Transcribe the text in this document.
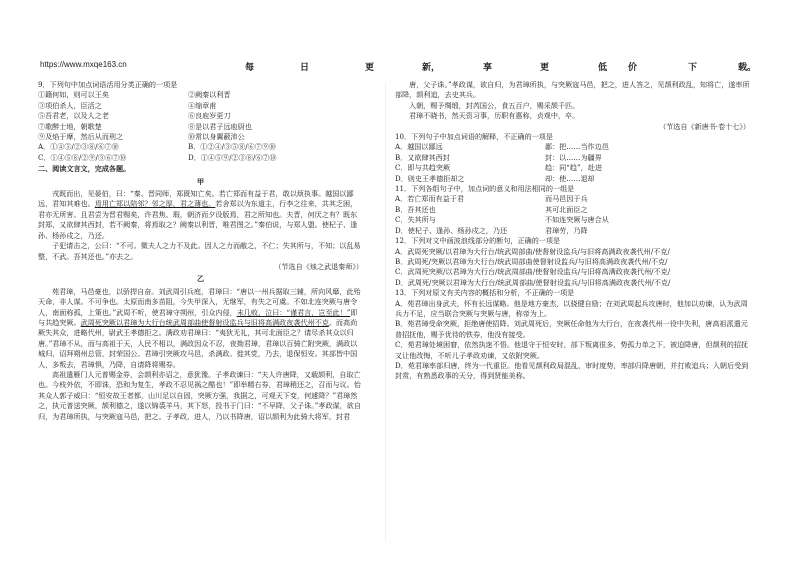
https://www.mxqe163.cn	每	日	更	新，	享	更	低 价	下	载。

9．下列句中加点词语活用分类正确的一项是

①籍何如，则可以王矣	②阙秦以利晋
③项伯杀人，臣活之	④缩章甫
⑤吾君老，以及人之老	⑥良庖岁更刀
⑦歌醉士地，朝歌楚	⑧是以君子远庖厨也
⑨及焰于摩，然后从而刑之	⑩常以身翼蔽沛公
A．①④⑤/②③⑧/⑥⑦⑩	B．①②④/③⑤⑧/⑥⑦⑨⑩
C．①④⑤⑧/②⑨/③⑥⑦⑩	D．①④⑤⑨/②③⑧/⑥⑦⑩

二、阅读文言文，完成各题。

甲

戎既而出，见晏伯，曰：“秦、晋同师，郑既知亡矣。若亡郑而有益于君，敢以烦执事。越国以鄙远，君知其难也。焉用亡郑以陪邻？邻之厚，君之薄也。若舍郑以为东道主，行李之往来，共其乏困，君亦无所害。且君尝为晋君赐矣，许君焦、瑕，朝济而夕设版焉，君之所知也。夫晋，何厌之有？既东封郑，又欲肆其西封，若不阙秦，将焉取之？阙秦以利晋，唯君图之。”秦伯说，与郑人盟。使杞子、逢孙、杨孙戍之，乃还。

子犯请击之，公曰：“不可。微夫人之力不及此。因人之力而敝之，不仁；失其所与，不知；以乱易整，不武。吾其还也。”亦去之。

（节选自《烛之武退秦师》）

乙

苑君璋，马邑豪也，以骄捍自奋。刘武周引兵庭，君璋曰：“唐以一州兵据取三辅，所向风靡，此殆天命，非人谋。不可争也。太原而南多苗阻，今失甲深入，无继军，有失之可虞。不如北连突厥与唐令人，南面称孤，上策也。”武周不听，使君璋守朔州，引众内侵，未几败，泣曰：“谨君言，岂至此！”即与共趋突厥。武周死突厥以君璋为大行台统武周部曲使督射设监兵与旧将高满政夜袭代州不克。而高尚厥失其众，进略代州，尉武王孝德拒之。满政劝君璋曰：“夷狄无礼，其可北面臣之？请尽杀其众以归唐。”君璋不从，而与高祖于天，人民不相以，满政因众不忍，夜拗君璋，君璋以百骑亡附突厥，满政以城归，诏拜朔州总管，封荣国公。君璋引突厥攻马邑，杀满政。徙其党，乃去，退保恒安。其部皆中国人，多叛去，君璋惧，乃降，自请降将赐券。

高祖遣雁门人元普赐金券，会颉利亦诏之，意犹豫。子孝政谏曰：“夫人许唐降，又载颉利，自取亡也。今枝外依，不即诛，恐和为复生，孝政不忍见祸之酷也！”即举精右券，君璋稍还之，召而与议。怡其众人郭子威曰：“恒安故王者都，山川足以自固，突厥方强，我据之，可观天下变，何遽降？”君璋然之，执元普送突厥，颉利德之，遂以锦裘羊马，其下怒，投书于门曰：“不早降，父子诛。”孝政谋，欲自归，为君璋所执，与突厥寇马邑，把之。子孝政，进人，乃以书降唐，诏以颉利为此骑大将军，封君

唐，父子诛。”孝政谋，欲自归，为君璋所执，与突厥寇马邑，把之，进人答之，见颉利政乱，知将亡，遂率所部降，颉利追，去史其兵。

入朝，赐予绸缎，封芮国公，食五百户，赐采颉千匹。

君璋不晓书，然天资习事，历职有惠称，贞观中，卒。

（节选自《新唐书·卷十七》）

10．下列句子中加点词语的解释，不正确的一项是

A．越国以鄙远	鄙：把……当作边邑
B．又欲肆其西封	封：以……为疆界
C．即与共趋突厥	趋：同“趋”，赴进
D．则史王孝德拒却之	却：使……退却

11．下列各组句子中，加点词的意义和用法相同的一组是

A．若亡郑而有益于君	而马邑因于兵
B．吾其还也	其可北面臣之
C．失其所与	不如连突厥与唐合从
D．使杞子、逢孙、杨孙戍之，乃还	君璋劳，乃降

12．下列对文中画波浪线部分的断句，正确的一项是

A．武周死突厥/以君璋为大行台/统武周部曲/使督射设监兵/与旧将高满政夜袭代州/不克/

B．武周死/突厥以君璋为大行台/统武周部曲使督射设监兵/与旧将高满政夜袭代州/不克/

C．武周死突厥/以君璋为大行台/统武周部曲/使督射设监兵/与旧将高满政夜袭代州/不克/

D．武周死/突厥以君璋为大行台/统武周部曲/使督射设监兵/与旧将高满政夜袭代州/不克/

13．下列对原文有关内容的概括和分析，不正确的一项是

A．苑君璋出身武夫，怀有长远谋略。他是地方豪杰，以骁健自励；在刘武周起兵攻唐时，他加以劝谏，认为武周兵力不足，应当联合突厥与突厥与唐，称帝为上。

B．苑君璋受命突厥，拒绝唐使招降。刘武周死后，突厥任命他为大行台，在夜袭代州一役中失利，唐高祖派遣元普招抚他，赐予优待的铁券，他没有接受。

C．苑君璋处境困窘，依然执迷不悟。他退守于恒安时，部下叛离很多，势孤力单之下，被迫降唐，但颉利的招抚又让他改悔，不听儿子孝政劝谏，又依附突厥。

D．苑君璋率部归唐，终为一代重臣。他看见颉利政局混乱，审时度势，率部归降唐朝，并打败追兵；入朝后受到封赏，有熟悉政事的天分，得到贤能美称。
